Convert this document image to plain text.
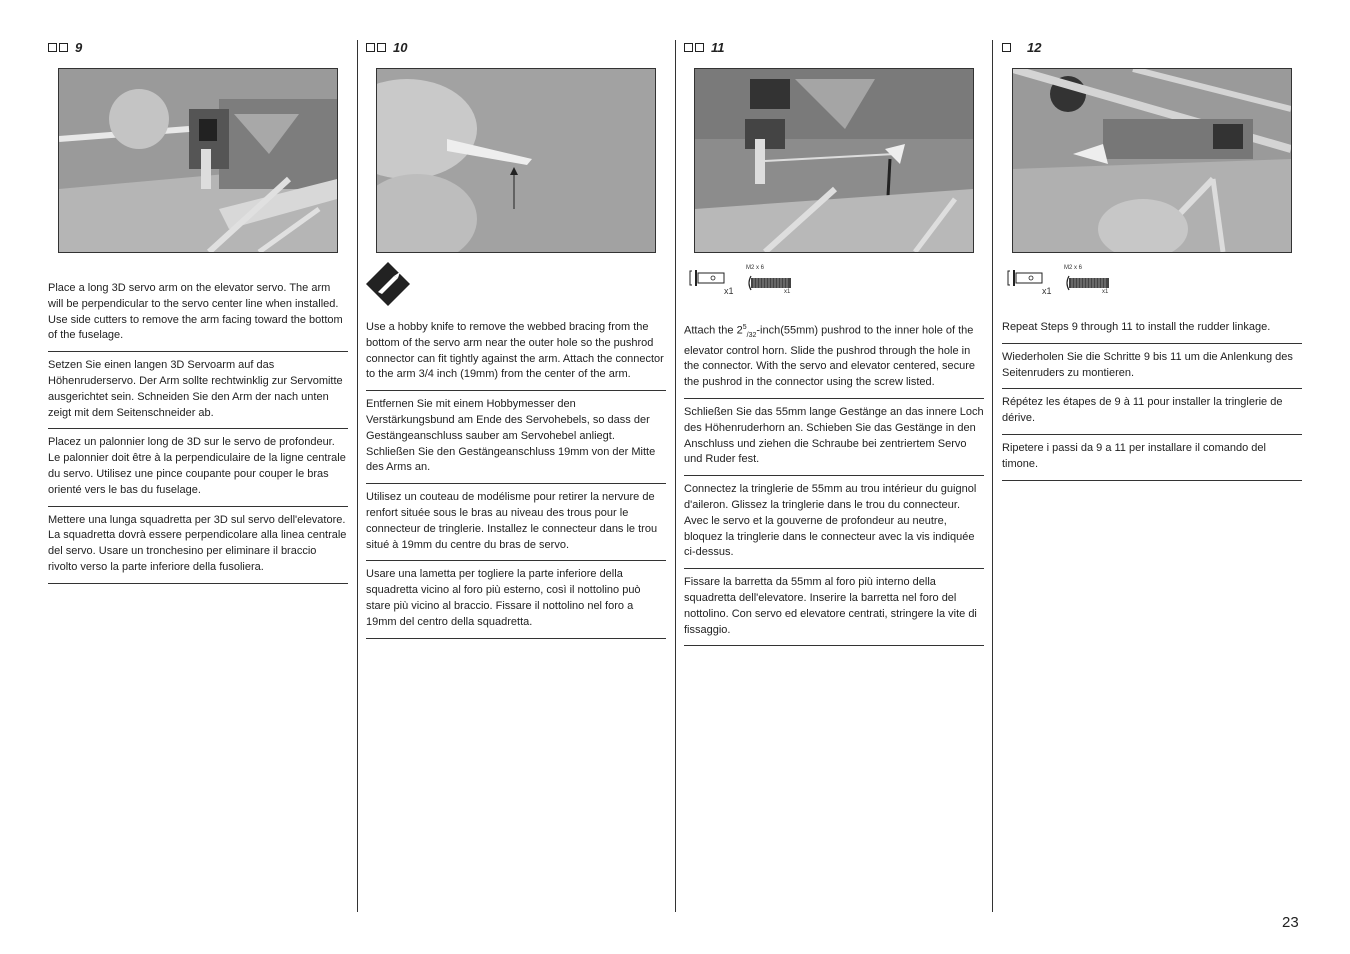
9
Place a long 3D servo arm on the elevator servo. The arm will be perpendicular to the servo center line when installed. Use side cutters to remove the arm facing toward the bottom of the fuselage.
Setzen Sie einen langen 3D Servoarm auf das Höhenruderservo. Der Arm sollte rechtwinklig zur Servomitte ausgerichtet sein. Schneiden Sie den Arm der nach unten zeigt mit dem Seitenschneider ab.
Placez un palonnier long de 3D sur le servo de profondeur. Le palonnier doit être à la perpendiculaire de la ligne centrale du servo. Utilisez une pince coupante pour couper le bras orienté vers le bas du fuselage.
Mettere una lunga squadretta per 3D sul servo dell'elevatore. La squadretta dovrà essere perpendicolare alla linea centrale del servo. Usare un tronchesino per eliminare il braccio rivolto verso la parte inferiore della fusoliera.
10
Use a hobby knife to remove the webbed bracing from the bottom of the servo arm near the outer hole so the pushrod connector can fit tightly against the arm. Attach the connector to the arm 3/4 inch (19mm) from the center of the arm.
Entfernen Sie mit einem Hobbymesser den Verstärkungsbund am Ende des Servohebels, so dass der Gestängeanschluss sauber am Servohebel anliegt. Schließen Sie den Gestängeanschluss 19mm von der Mitte des Arms an.
Utilisez un couteau de modélisme pour retirer la nervure de renfort située sous le bras au niveau des trous pour le connecteur de tringlerie. Installez le connecteur dans le trou situé à 19mm du centre du bras de servo.
Usare una lametta per togliere la parte inferiore della squadretta vicino al foro più esterno, così il nottolino può stare più vicino al braccio. Fissare il nottolino nel foro a 19mm del centro della squadretta.
11
x1
M2 x 6
x1
Attach the $2^5_{/32}-inch(55mm)$ pushrod to the inner hole of the elevator control horn. Slide the pushrod through the hole in the connector. With the servo and elevator centered, secure the pushrod in the connector using the screw listed.
Schließen Sie das 55mm lange Gestänge an das innere Loch des Höhenruderhorn an. Schieben Sie das Gestänge in den Anschluss und ziehen die Schraube bei zentriertem Servo und Ruder fest.
Connectez la tringlerie de 55mm au trou intérieur du guignol d'aileron. Glissez la tringlerie dans le trou du connecteur. Avec le servo et la gouverne de profondeur au neutre, bloquez la tringlerie dans le connecteur avec la vis indiquée ci-dessus.
Fissare la barretta da 55mm al foro più interno della squadretta dell'elevatore. Inserire la barretta nel foro del nottolino. Con servo ed elevatore centrati, stringere la vite di fissaggio.
12
x1
M2 x 6
x1
Repeat Steps 9 through 11 to install the rudder linkage.
Wiederholen Sie die Schritte 9 bis 11 um die Anlenkung des Seitenruders zu montieren.
Répétez les étapes de 9 à 11 pour installer la tringlerie de dérive.
Ripetere i passi da 9 a 11 per installare il comando del timone.
23
